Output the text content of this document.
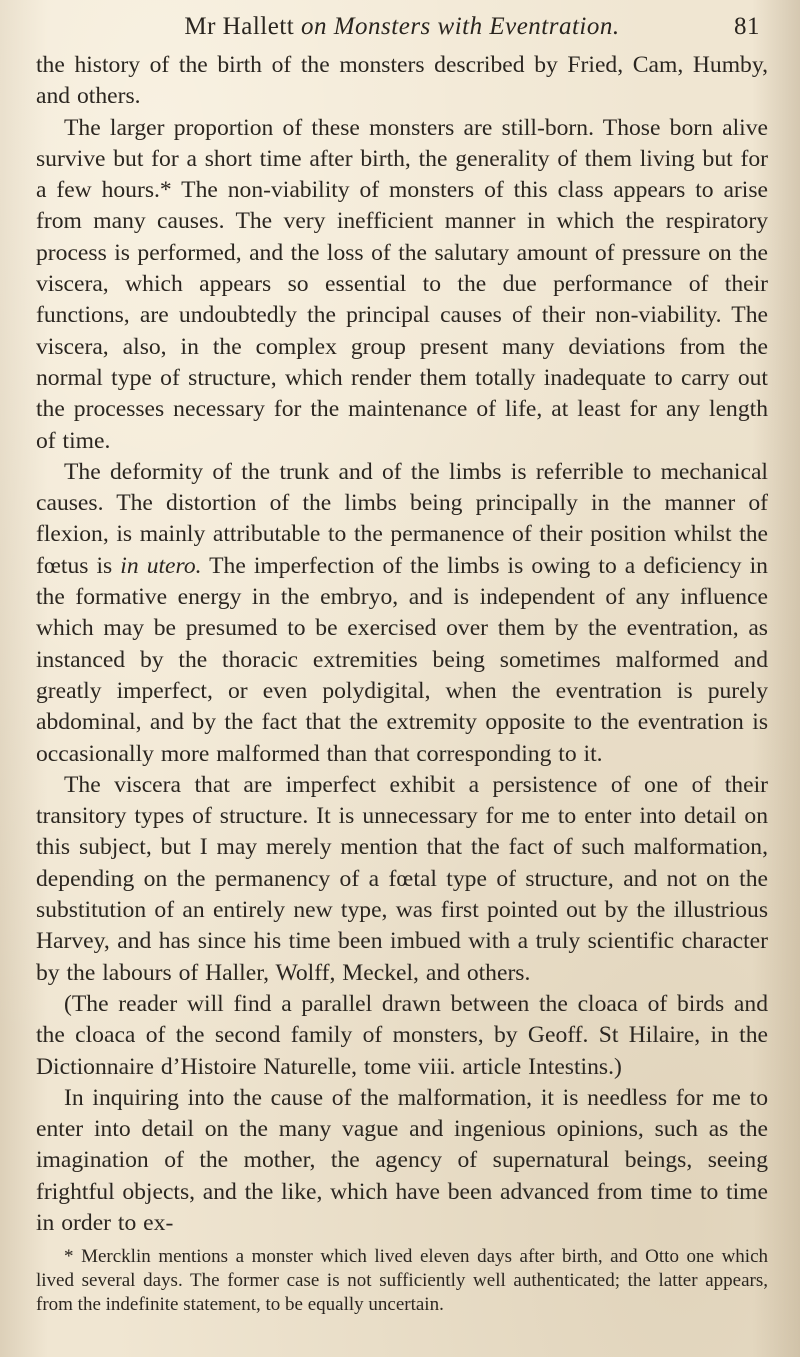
Mr Hallett on Monsters with Eventration.	81

the history of the birth of the monsters described by Fried, Cam, Humby, and others.

The larger proportion of these monsters are still-born. Those born alive survive but for a short time after birth, the generality of them living but for a few hours.* The non-viability of monsters of this class appears to arise from many causes. The very inefficient manner in which the respiratory process is performed, and the loss of the salutary amount of pressure on the viscera, which appears so essential to the due performance of their functions, are undoubtedly the principal causes of their non-viability. The viscera, also, in the complex group present many deviations from the normal type of structure, which render them totally inadequate to carry out the processes necessary for the maintenance of life, at least for any length of time.

The deformity of the trunk and of the limbs is referrible to mechanical causes. The distortion of the limbs being principally in the manner of flexion, is mainly attributable to the permanence of their position whilst the fœtus is in utero. The imperfection of the limbs is owing to a deficiency in the formative energy in the embryo, and is independent of any influence which may be presumed to be exercised over them by the eventration, as instanced by the thoracic extremities being sometimes malformed and greatly imperfect, or even polydigital, when the eventration is purely abdominal, and by the fact that the extremity opposite to the eventration is occasionally more malformed than that corresponding to it.

The viscera that are imperfect exhibit a persistence of one of their transitory types of structure. It is unnecessary for me to enter into detail on this subject, but I may merely mention that the fact of such malformation, depending on the permanency of a fœtal type of structure, and not on the substitution of an entirely new type, was first pointed out by the illustrious Harvey, and has since his time been imbued with a truly scientific character by the labours of Haller, Wolff, Meckel, and others.

(The reader will find a parallel drawn between the cloaca of birds and the cloaca of the second family of monsters, by Geoff. St Hilaire, in the Dictionnaire d’Histoire Naturelle, tome viii. article Intestins.)

In inquiring into the cause of the malformation, it is needless for me to enter into detail on the many vague and ingenious opinions, such as the imagination of the mother, the agency of supernatural beings, seeing frightful objects, and the like, which have been advanced from time to time in order to ex-

* Mercklin mentions a monster which lived eleven days after birth, and Otto one which lived several days. The former case is not sufficiently well authenticated; the latter appears, from the indefinite statement, to be equally uncertain.
